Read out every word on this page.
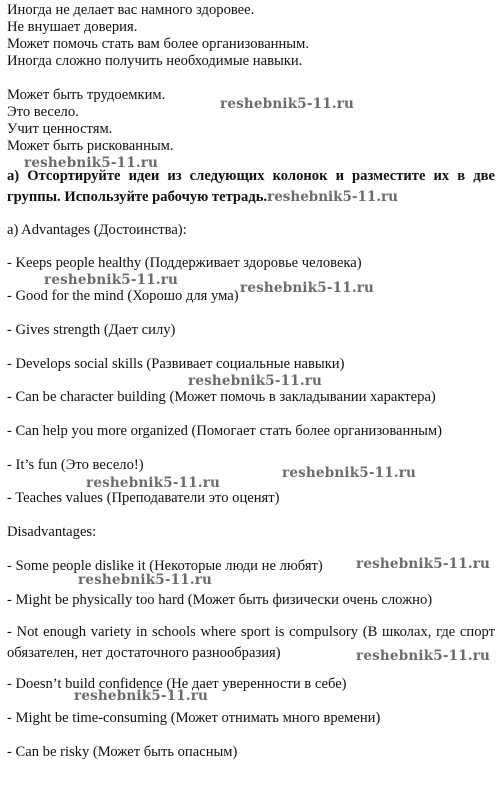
Иногда не делает вас намного здоровее.
Не внушает доверия.
Может помочь стать вам более организованным.
Иногда сложно получить необходимые навыки.
Может быть трудоемким.
Это весело.
Учит ценностям.
Может быть рискованным.
a) Отсортируйте идеи из следующих колонок и разместите их в две группы. Используйте рабочую тетрадь.reshebnik5-11.ru
a) Advantages (Достоинства):
- Keeps people healthy (Поддерживает здоровье человека)
- Good for the mind (Хорошо для ума)
- Gives strength (Дает силу)
- Develops social skills (Развивает социальные навыки)
- Can be character building (Может помочь в закладывании характера)
- Can help you more organized (Помогает стать более организованным)
- It’s fun (Это весело!)
- Teaches values (Преподаватели это оценят)
Disadvantages:
- Some people dislike it (Некоторые люди не любят)
- Might be physically too hard (Может быть физически очень сложно)
- Not enough variety in schools where sport is compulsory (В школах, где спорт обязателен, нет достаточного разнообразия)
- Doesn’t build confidence (Не дает уверенности в себе)
- Might be time-consuming (Может отнимать много времени)
- Can be risky (Может быть опасным)
reshebnik5-11.ru
reshebnik5-11.ru
reshebnik5-11.ru	reshebnik5-11.ru
reshebnik5-11.ru
reshebnik5-11.ru
reshebnik5-11.ru
reshebnik5-11.ru
reshebnik5-11.ru
reshebnik5-11.ru
reshebnik5-11.ru
